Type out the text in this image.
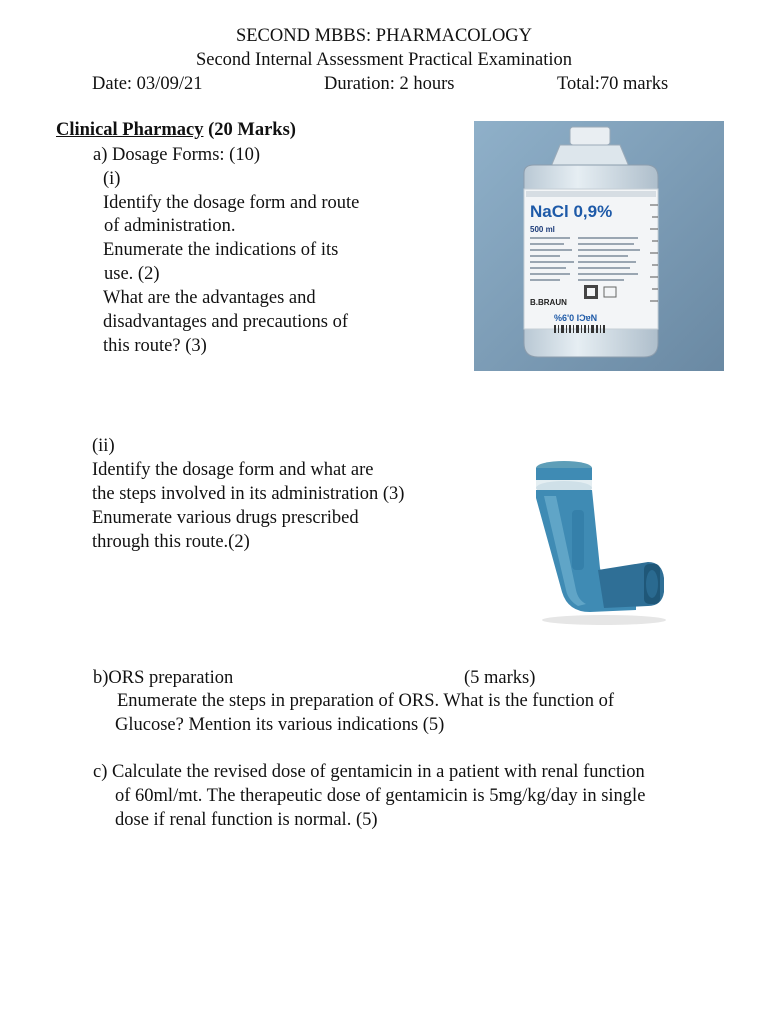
SECOND MBBS: PHARMACOLOGY
Second Internal Assessment Practical Examination
Date: 03/09/21	Duration: 2 hours	Total:70 marks
Clinical Pharmacy (20 Marks)
a) Dosage Forms: (10)
(i)
Identify the dosage form and route
of administration.
Enumerate the indications of its
use. (2)
What are the advantages and
disadvantages and precautions of
this route? (3)
NaCl 0,9%
500 ml
B.BRAUN
%6'0 IƆɐN
(ii)
Identify the dosage form and what are
the steps involved in its administration (3)
Enumerate various drugs prescribed
through this route.(2)
b)ORS preparation	(5 marks)
Enumerate the steps in preparation of ORS. What is the function of
Glucose? Mention its various indications (5)
c) Calculate the revised dose of gentamicin in a patient with renal function
of 60ml/mt. The therapeutic dose of gentamicin is 5mg/kg/day in single
dose if renal function is normal. (5)
